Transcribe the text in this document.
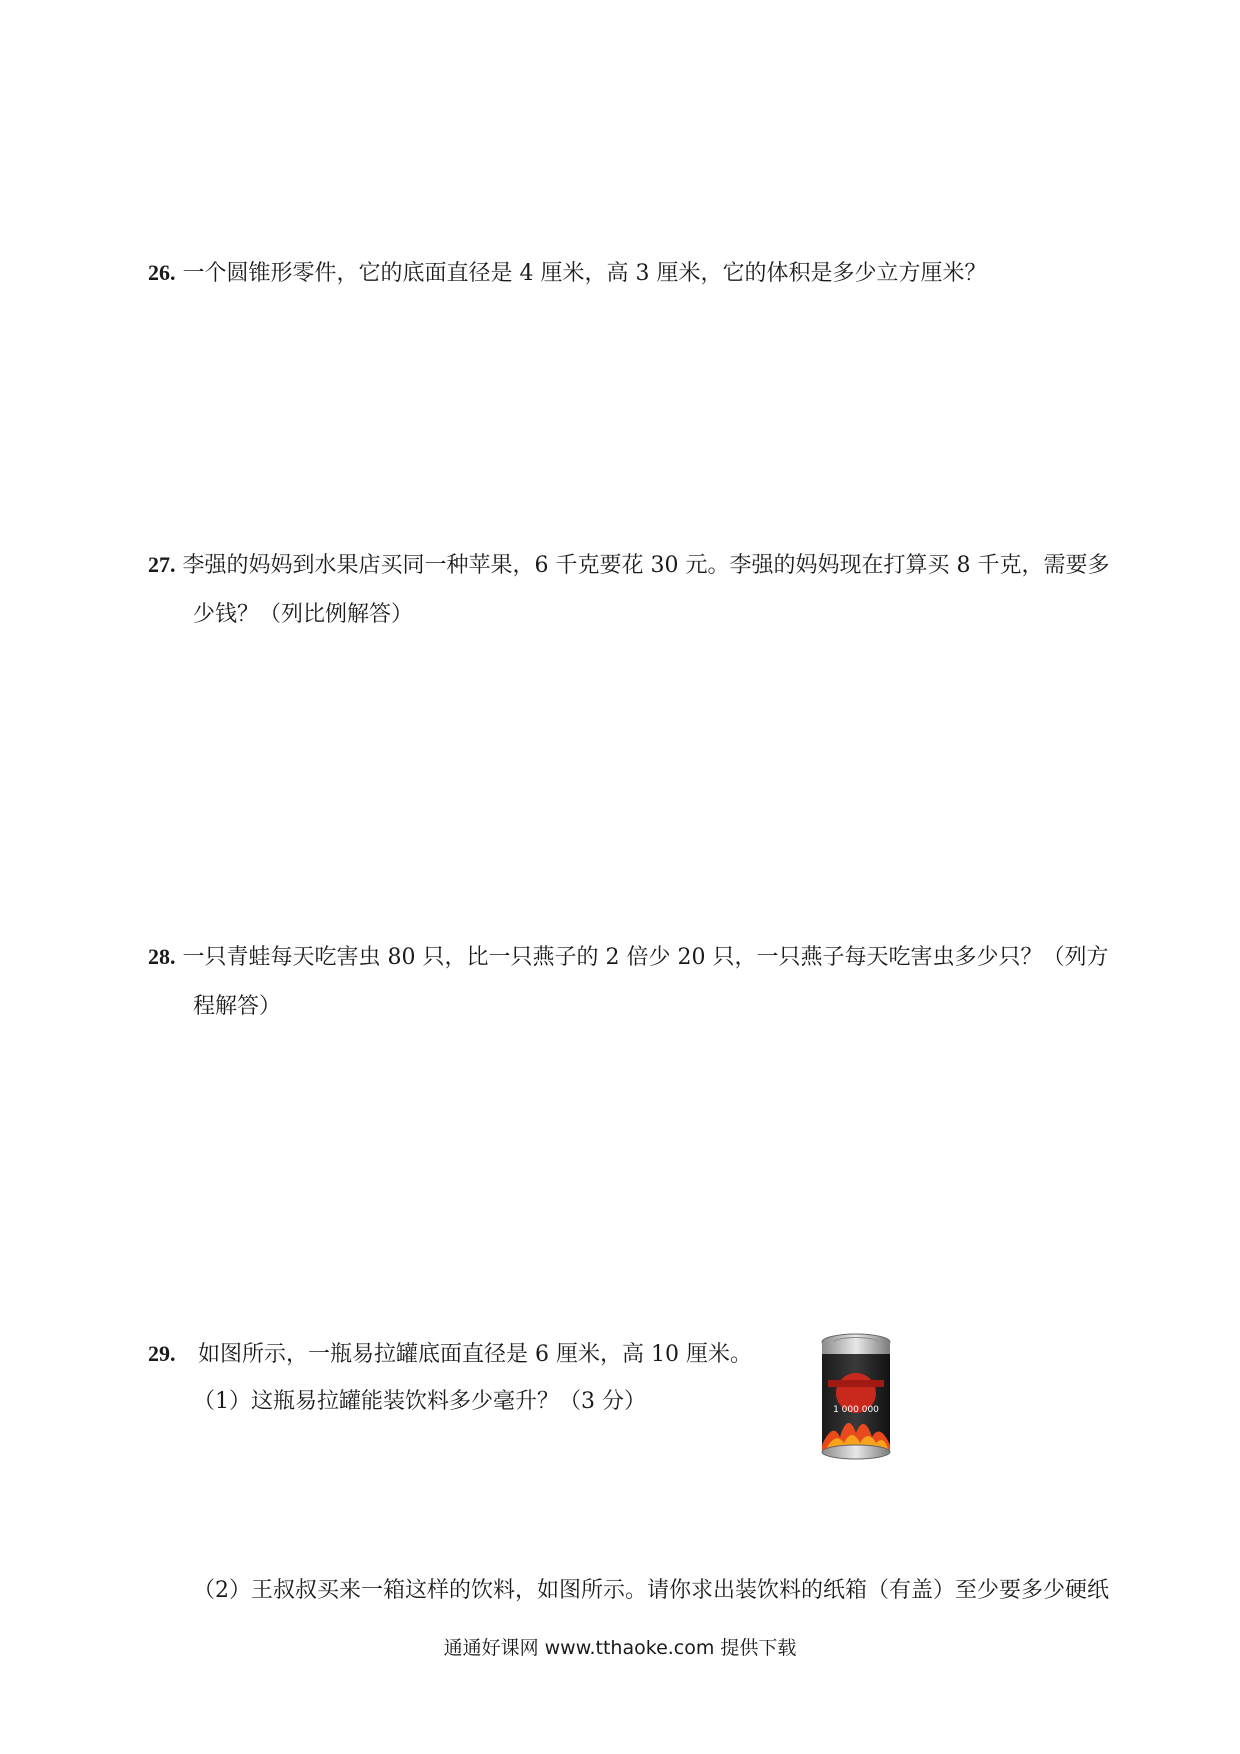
26. 一个圆锥形零件，它的底面直径是 4 厘米，高 3 厘米，它的体积是多少立方厘米？
27. 李强的妈妈到水果店买同一种苹果，6 千克要花 30 元。李强的妈妈现在打算买 8 千克，需要多
少钱？（列比例解答）
28. 一只青蛙每天吃害虫 80 只，比一只燕子的 2 倍少 20 只，一只燕子每天吃害虫多少只？（列方
程解答）
29. 如图所示，一瓶易拉罐底面直径是 6 厘米，高 10 厘米。
（1）这瓶易拉罐能装饮料多少毫升？（3 分）	1 000 000
（2）王叔叔买来一箱这样的饮料，如图所示。请你求出装饮料的纸箱（有盖）至少要多少硬纸
通通好课网 www.tthaoke.com 提供下载
